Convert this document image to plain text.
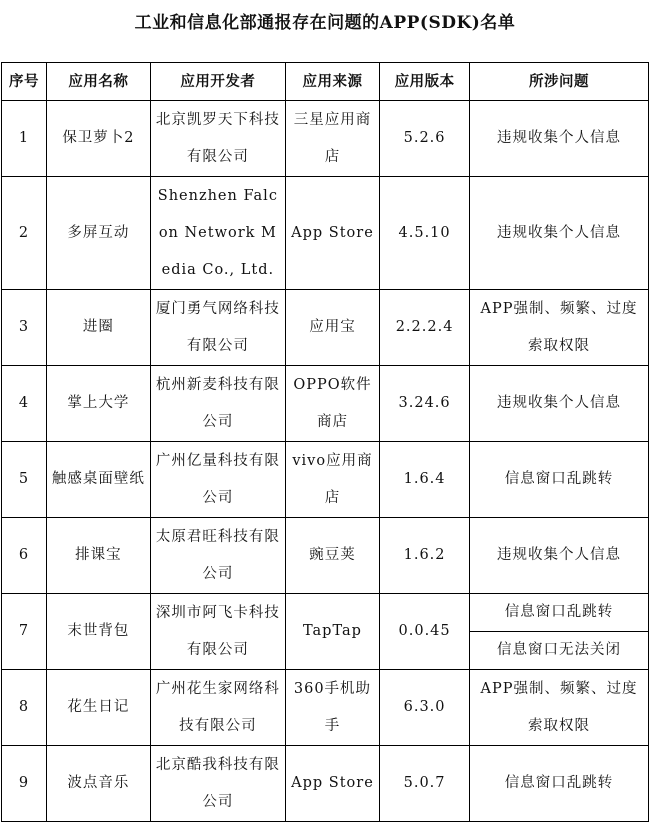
工业和信息化部通报存在问题的APP(SDK)名单
序号	应用名称	应用开发者	应用来源	应用版本	所涉问题
1	保卫萝卜2	北京凯罗天下科技有限公司	三星应用商店	5.2.6	违规收集个人信息
2	多屏互动	Shenzhen Falcon Network Media Co., Ltd.	App Store	4.5.10	违规收集个人信息
3	进圈	厦门勇气网络科技有限公司	应用宝	2.2.2.4	APP强制、频繁、过度索取权限
4	掌上大学	杭州新麦科技有限公司	OPPO软件商店	3.24.6	违规收集个人信息
5	触感桌面壁纸	广州亿量科技有限公司	vivo应用商店	1.6.4	信息窗口乱跳转
6	排课宝	太原君旺科技有限公司	豌豆荚	1.6.2	违规收集个人信息
7	末世背包	深圳市阿飞卡科技有限公司	TapTap	0.0.45	信息窗口乱跳转
					信息窗口无法关闭
8	花生日记	广州花生家网络科技有限公司	360手机助手	6.3.0	APP强制、频繁、过度索取权限
9	波点音乐	北京酷我科技有限公司	App Store	5.0.7	信息窗口乱跳转
